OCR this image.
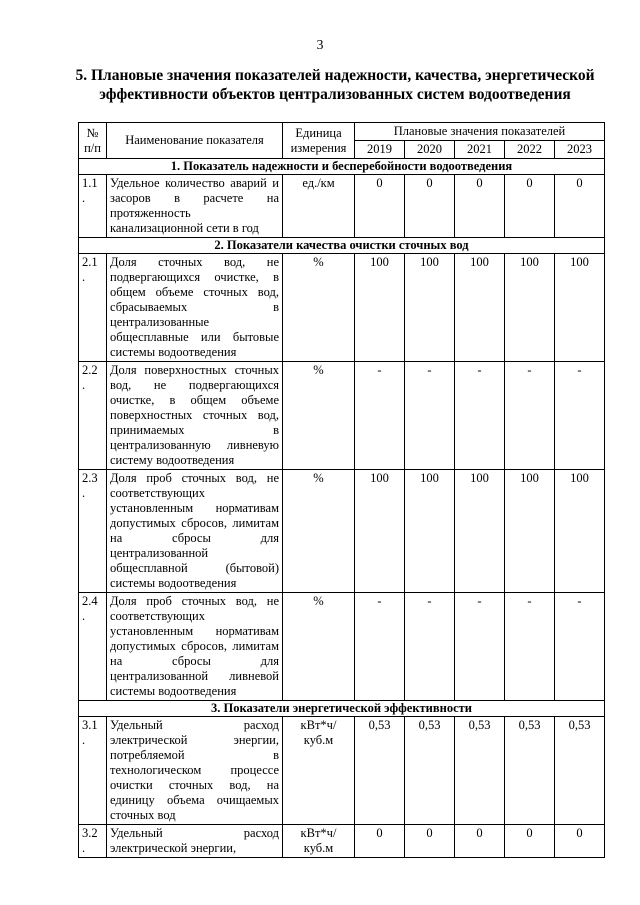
3
5. Плановые значения показателей надежности, качества, энергетической
эффективности объектов централизованных систем водоотведения
№ п/п	Наименование показателя	Единица измерения	Плановые значения показателей				
			2019	2020	2021	2022	2023
1. Показатель надежности и бесперебойности водоотведения							
1.1 .	Удельное количество аварий и засоров в расчете на протяженность канализационной сети в год	ед./км	0	0	0	0	0
2. Показатели качества очистки сточных вод							
2.1 .	Доля сточных вод, не подвергающихся очистке, в общем объеме сточных вод, сбрасываемых в централизованные общесплавные или бытовые системы водоотведения	%	100	100	100	100	100
2.2 .	Доля поверхностных сточных вод, не подвергающихся очистке, в общем объеме поверхностных сточных вод, принимаемых в централизованную ливневую систему водоотведения	%	-	-	-	-	-
2.3 .	Доля проб сточных вод, не соответствующих установленным нормативам допустимых сбросов, лимитам на сбросы для централизованной общесплавной (бытовой) системы водоотведения	%	100	100	100	100	100
2.4 .	Доля проб сточных вод, не соответствующих установленным нормативам допустимых сбросов, лимитам на сбросы для централизованной ливневой системы водоотведения	%	-	-	-	-	-
3. Показатели энергетической эффективности							
3.1 .	Удельный расход электрической энергии, потребляемой в технологическом процессе очистки сточных вод, на единицу объема очищаемых сточных вод	кВт*ч/ куб.м	0,53	0,53	0,53	0,53	0,53
3.2 .	Удельный расход электрической энергии,	кВт*ч/ куб.м	0	0	0	0	0
